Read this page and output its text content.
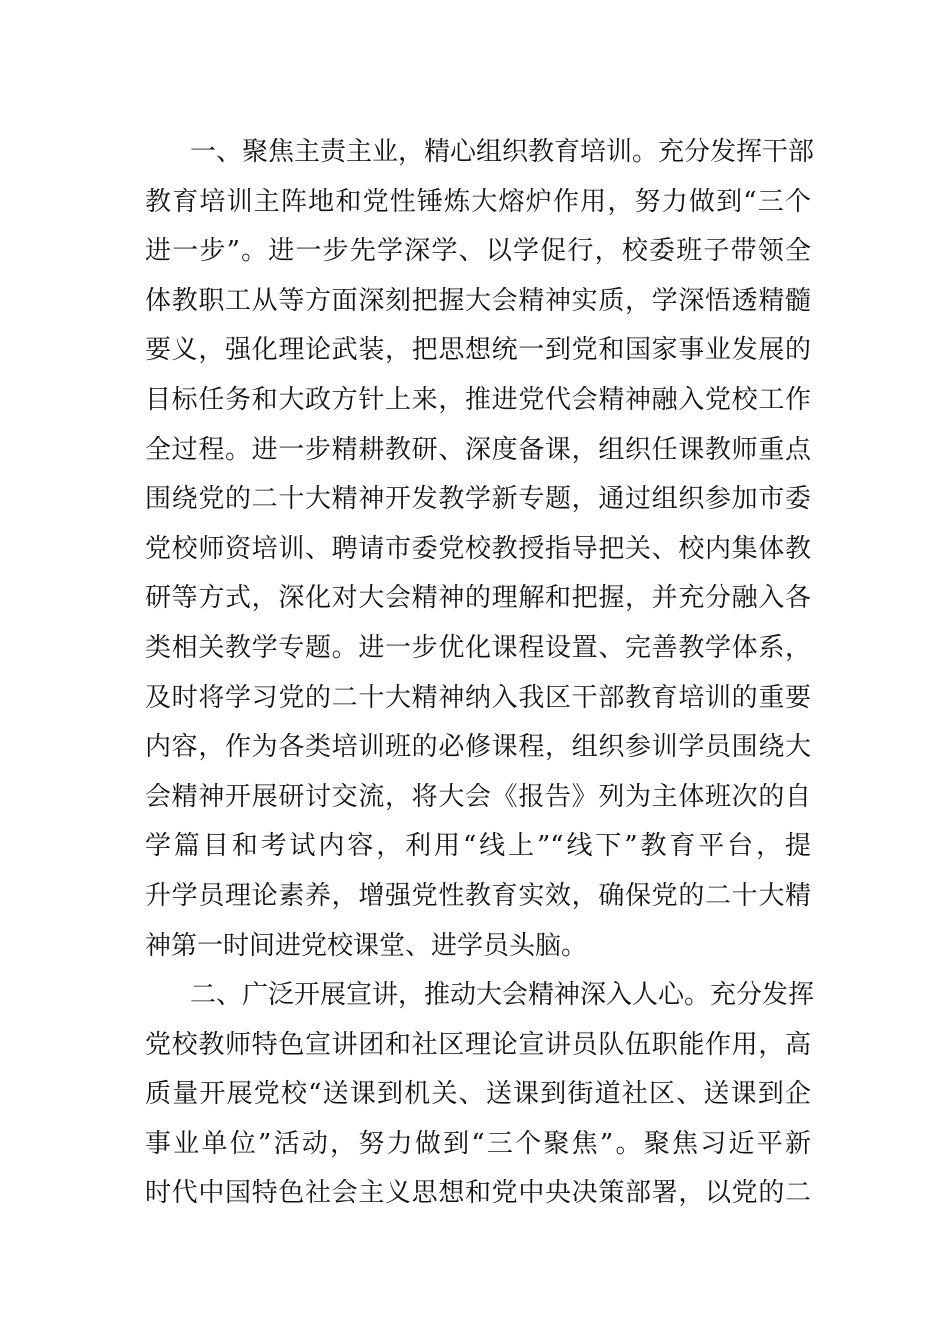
一、聚焦主责主业，精心组织教育培训。充分发挥干部
教育培训主阵地和党性锤炼大熔炉作用，努力做到“三个
进一步”。进一步先学深学、以学促行，校委班子带领全
体教职工从等方面深刻把握大会精神实质，学深悟透精髓
要义，强化理论武装，把思想统一到党和国家事业发展的
目标任务和大政方针上来，推进党代会精神融入党校工作
全过程。进一步精耕教研、深度备课，组织任课教师重点
围绕党的二十大精神开发教学新专题，通过组织参加市委
党校师资培训、聘请市委党校教授指导把关、校内集体教
研等方式，深化对大会精神的理解和把握，并充分融入各
类相关教学专题。进一步优化课程设置、完善教学体系，
及时将学习党的二十大精神纳入我区干部教育培训的重要
内容，作为各类培训班的必修课程，组织参训学员围绕大
会精神开展研讨交流，将大会《报告》列为主体班次的自
学篇目和考试内容，利用“线上”“线下”教育平台，提
升学员理论素养，增强党性教育实效，确保党的二十大精
神第一时间进党校课堂、进学员头脑。
二、广泛开展宣讲，推动大会精神深入人心。充分发挥
党校教师特色宣讲团和社区理论宣讲员队伍职能作用，高
质量开展党校“送课到机关、送课到街道社区、送课到企
事业单位”活动，努力做到“三个聚焦”。聚焦习近平新
时代中国特色社会主义思想和党中央决策部署，以党的二
